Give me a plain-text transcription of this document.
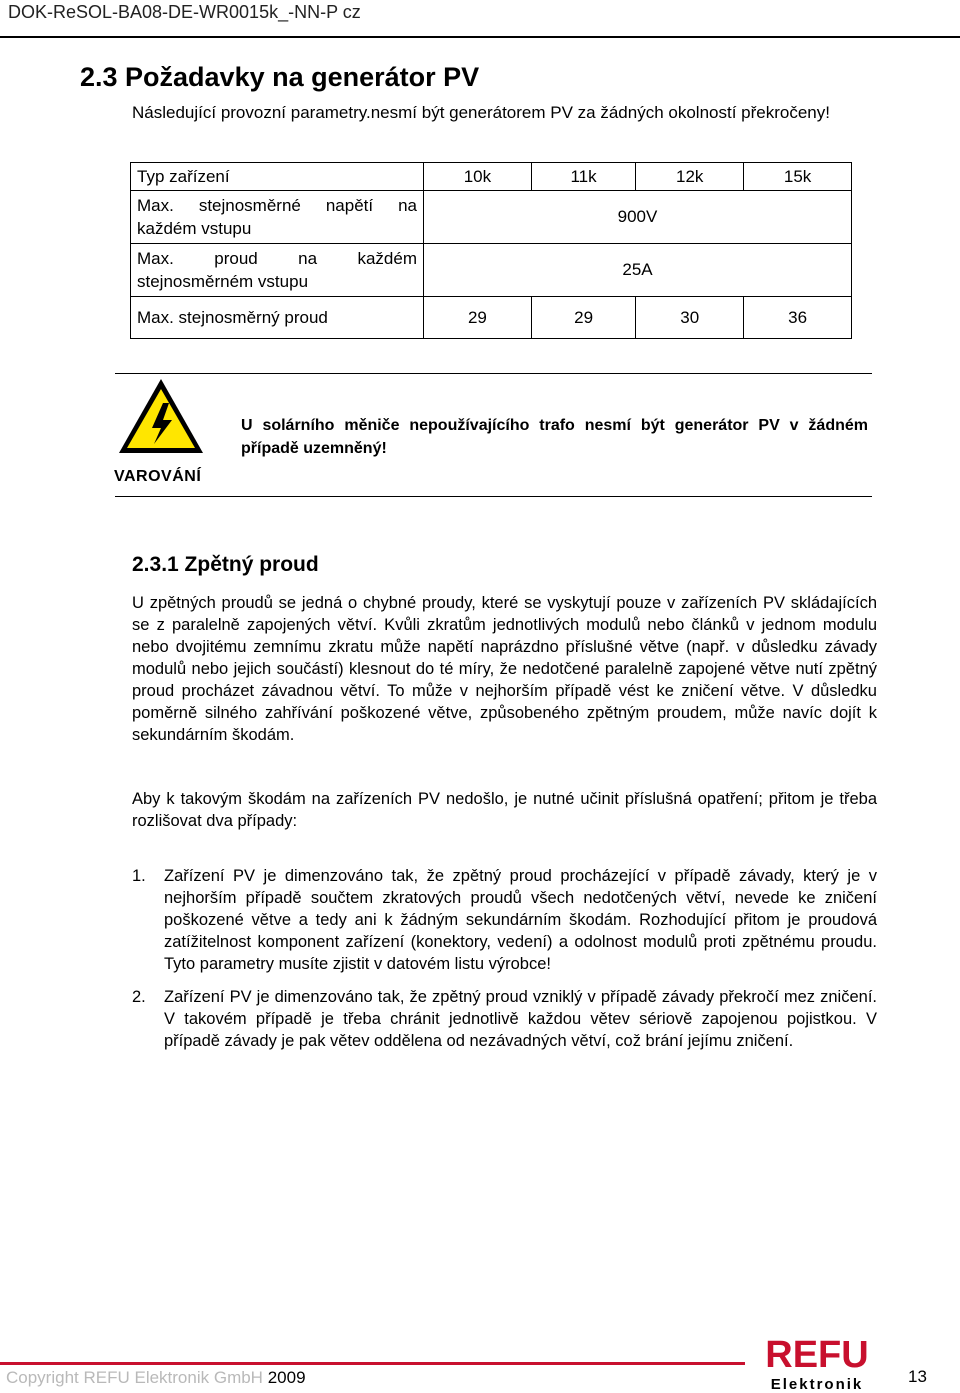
DOK-ReSOL-BA08-DE-WR0015k_-NN-P cz
2.3 Požadavky na generátor PV
Následující provozní parametry.nesmí být generátorem PV za žádných okolností překročeny!
Typ zařízení	10k	11k	12k	15k
Max. stejnosměrné napětí na každém vstupu	900V			
Max. proud na každém stejnosměrném vstupu	25A			
Max. stejnosměrný proud	29	29	30	36
VAROVÁNÍ
U solárního měniče nepoužívajícího trafo nesmí být generátor PV v žádném případě uzemněný!
2.3.1 Zpětný proud
U zpětných proudů se jedná o chybné proudy, které se vyskytují pouze v zařízeních PV skládajících se z paralelně zapojených větví. Kvůli zkratům jednotlivých modulů nebo článků v jednom modulu nebo dvojitému zemnímu zkratu může napětí naprázdno příslušné větve (např. v důsledku závady modulů nebo jejich součástí) klesnout do té míry, že nedotčené paralelně zapojené větve nutí zpětný proud procházet závadnou větví. To může v nejhorším případě vést ke zničení větve. V důsledku poměrně silného zahřívání poškozené větve, způsobeného zpětným proudem, může navíc dojít k sekundárním škodám.
Aby k takovým škodám na zařízeních PV nedošlo, je nutné učinit příslušná opatření; přitom je třeba rozlišovat dva případy:
1. Zařízení PV je dimenzováno tak, že zpětný proud procházející v případě závady, který je v nejhorším případě součtem zkratových proudů všech nedotčených větví, nevede ke zničení poškozené větve a tedy ani k žádným sekundárním škodám. Rozhodující přitom je proudová zatížitelnost komponent zařízení (konektory, vedení) a odolnost modulů proti zpětnému proudu. Tyto parametry musíte zjistit v datovém listu výrobce!
2. Zařízení PV je dimenzováno tak, že zpětný proud vzniklý v případě závady překročí mez zničení. V takovém případě je třeba chránit jednotlivě každou větev sériově zapojenou pojistkou. V případě závady je pak větev oddělena od nezávadných větví, což brání jejímu zničení.
Copyright REFU Elektronik GmbH 2009
REFU
Elektronik	13
